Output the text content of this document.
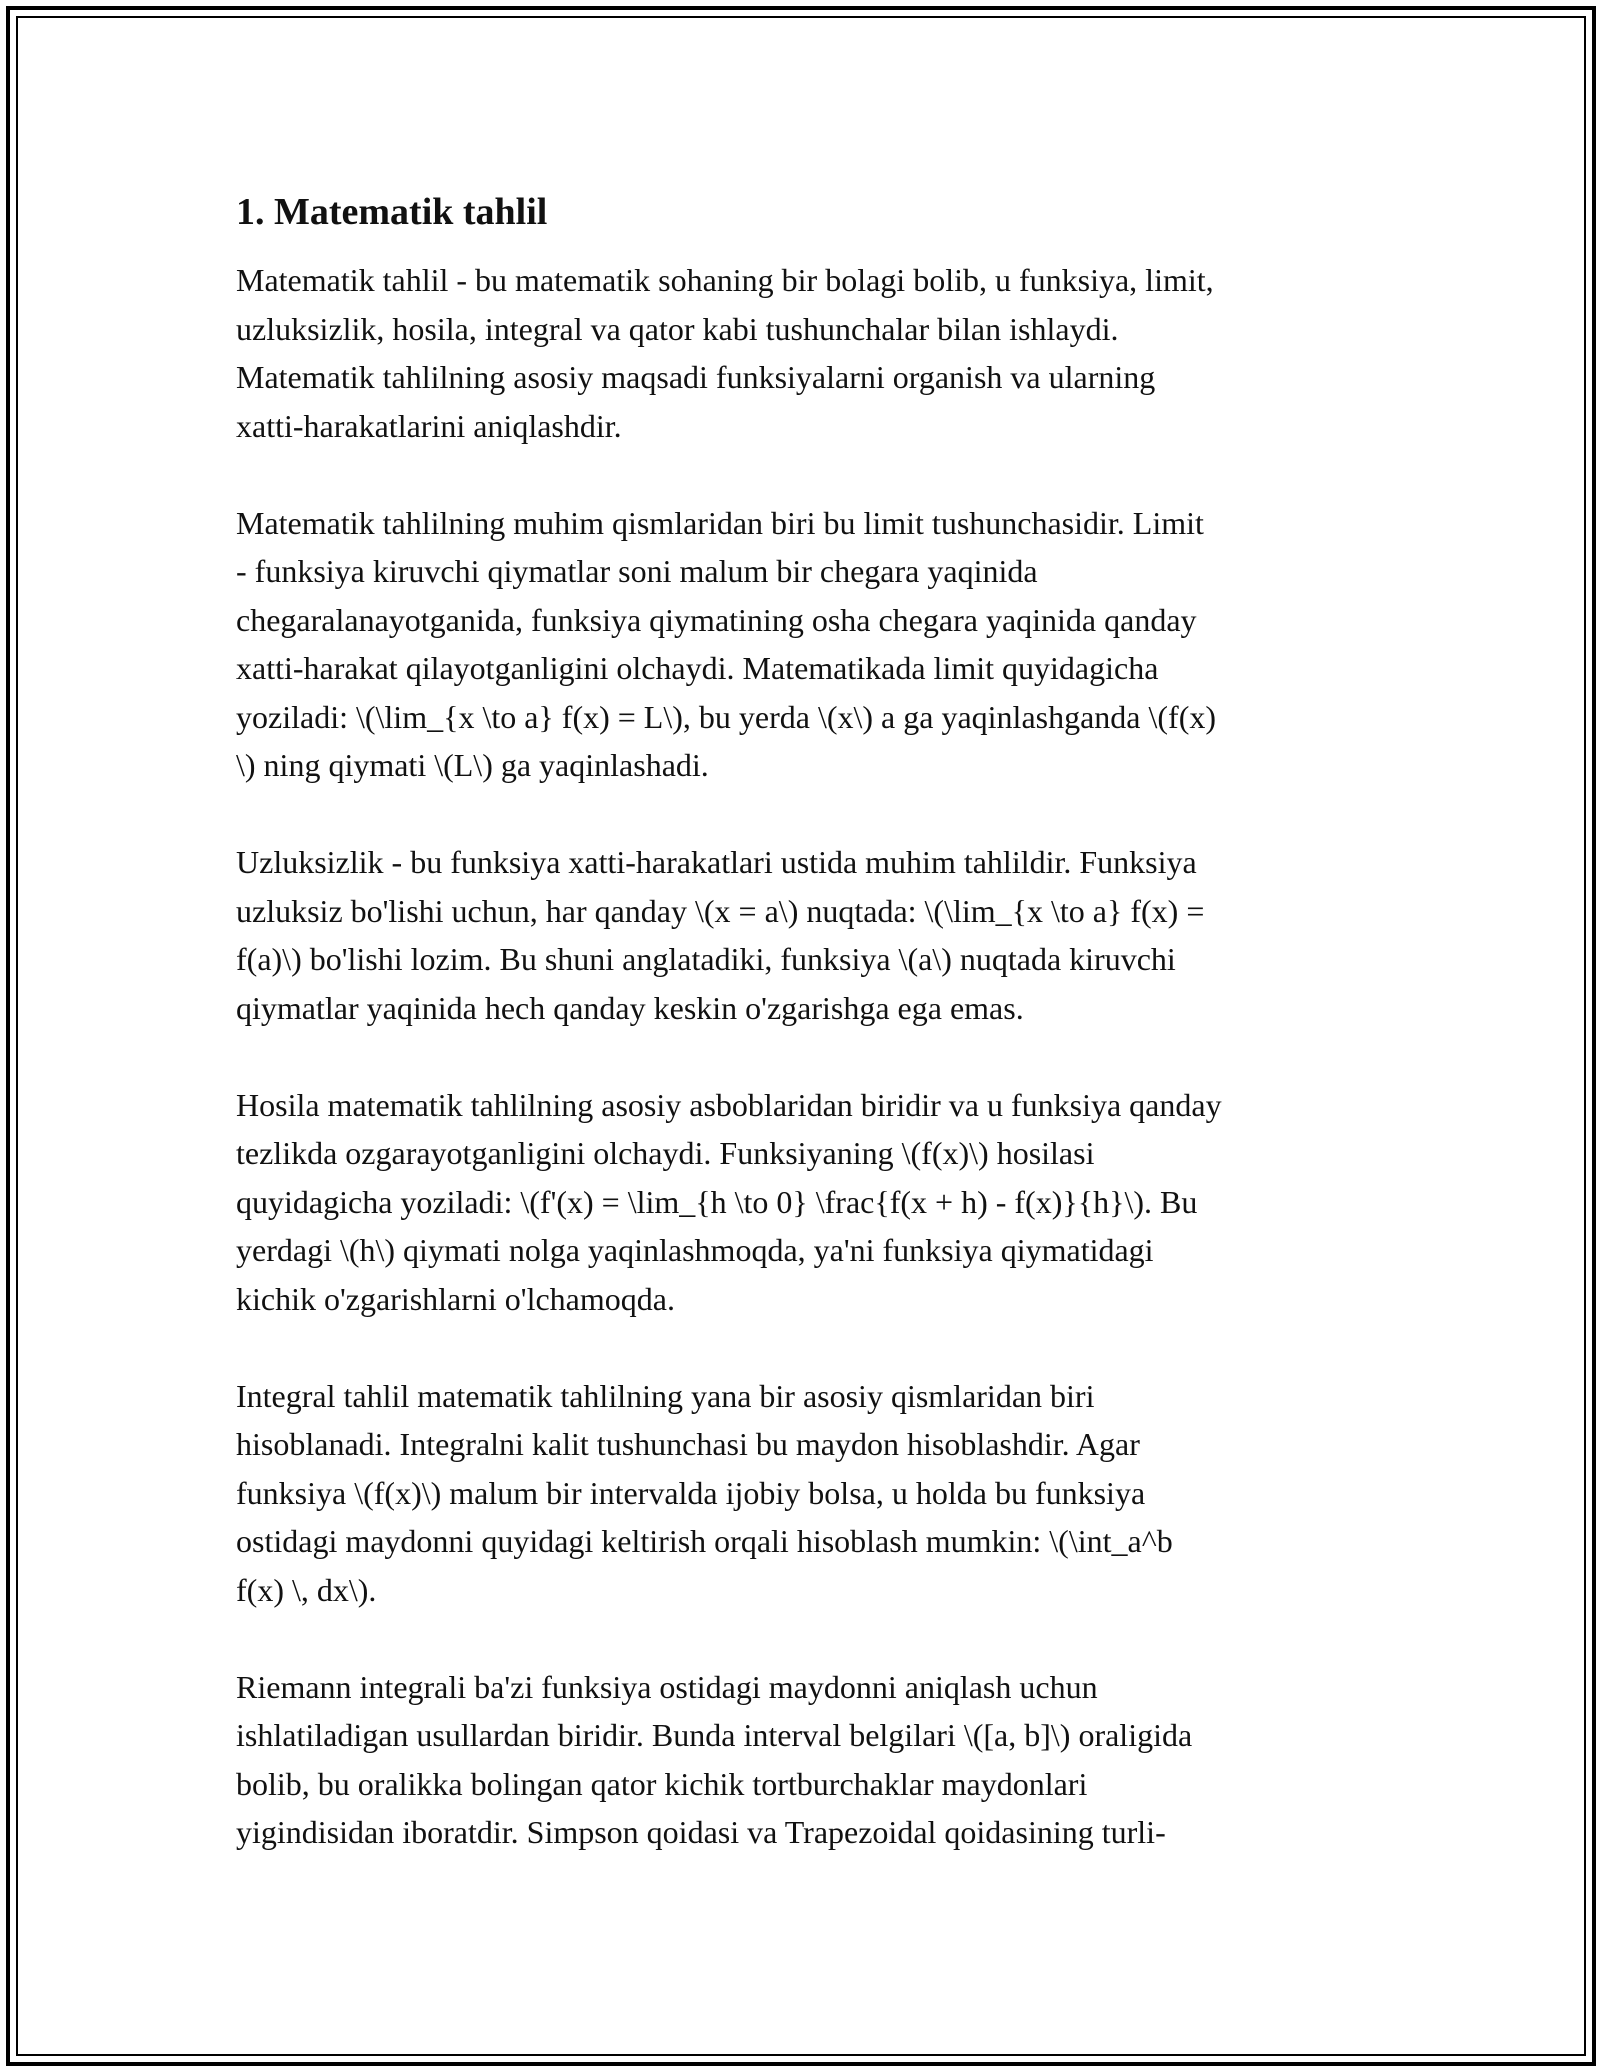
1. Matematik tahlil

Matematik tahlil - bu matematik sohaning bir bolagi bolib, u funksiya, limit,
uzluksizlik, hosila, integral va qator kabi tushunchalar bilan ishlaydi.
Matematik tahlilning asosiy maqsadi funksiyalarni organish va ularning
xatti-harakatlarini aniqlashdir.

Matematik tahlilning muhim qismlaridan biri bu limit tushunchasidir. Limit
- funksiya kiruvchi qiymatlar soni malum bir chegara yaqinida
chegaralanayotganida, funksiya qiymatining osha chegara yaqinida qanday
xatti-harakat qilayotganligini olchaydi. Matematikada limit quyidagicha
yoziladi: \(\lim_{x \to a} f(x) = L\), bu yerda \(x\) a ga yaqinlashganda \(f(x)
\) ning qiymati \(L\) ga yaqinlashadi.

Uzluksizlik - bu funksiya xatti-harakatlari ustida muhim tahlildir. Funksiya
uzluksiz bo'lishi uchun, har qanday \(x = a\) nuqtada: \(\lim_{x \to a} f(x) =
f(a)\) bo'lishi lozim. Bu shuni anglatadiki, funksiya \(a\) nuqtada kiruvchi
qiymatlar yaqinida hech qanday keskin o'zgarishga ega emas.

Hosila matematik tahlilning asosiy asboblaridan biridir va u funksiya qanday
tezlikda ozgarayotganligini olchaydi. Funksiyaning \(f(x)\) hosilasi
quyidagicha yoziladi: \(f'(x) = \lim_{h \to 0} \frac{f(x + h) - f(x)}{h}\). Bu
yerdagi \(h\) qiymati nolga yaqinlashmoqda, ya'ni funksiya qiymatidagi
kichik o'zgarishlarni o'lchamoqda.

Integral tahlil matematik tahlilning yana bir asosiy qismlaridan biri
hisoblanadi. Integralni kalit tushunchasi bu maydon hisoblashdir. Agar
funksiya \(f(x)\) malum bir intervalda ijobiy bolsa, u holda bu funksiya
ostidagi maydonni quyidagi keltirish orqali hisoblash mumkin: \(\int_a^b
f(x) \, dx\).

Riemann integrali ba'zi funksiya ostidagi maydonni aniqlash uchun
ishlatiladigan usullardan biridir. Bunda interval belgilari \([a, b]\) oraligida
bolib, bu oralikka bolingan qator kichik tortburchaklar maydonlari
yigindisidan iboratdir. Simpson qoidasi va Trapezoidal qoidasining turli-
